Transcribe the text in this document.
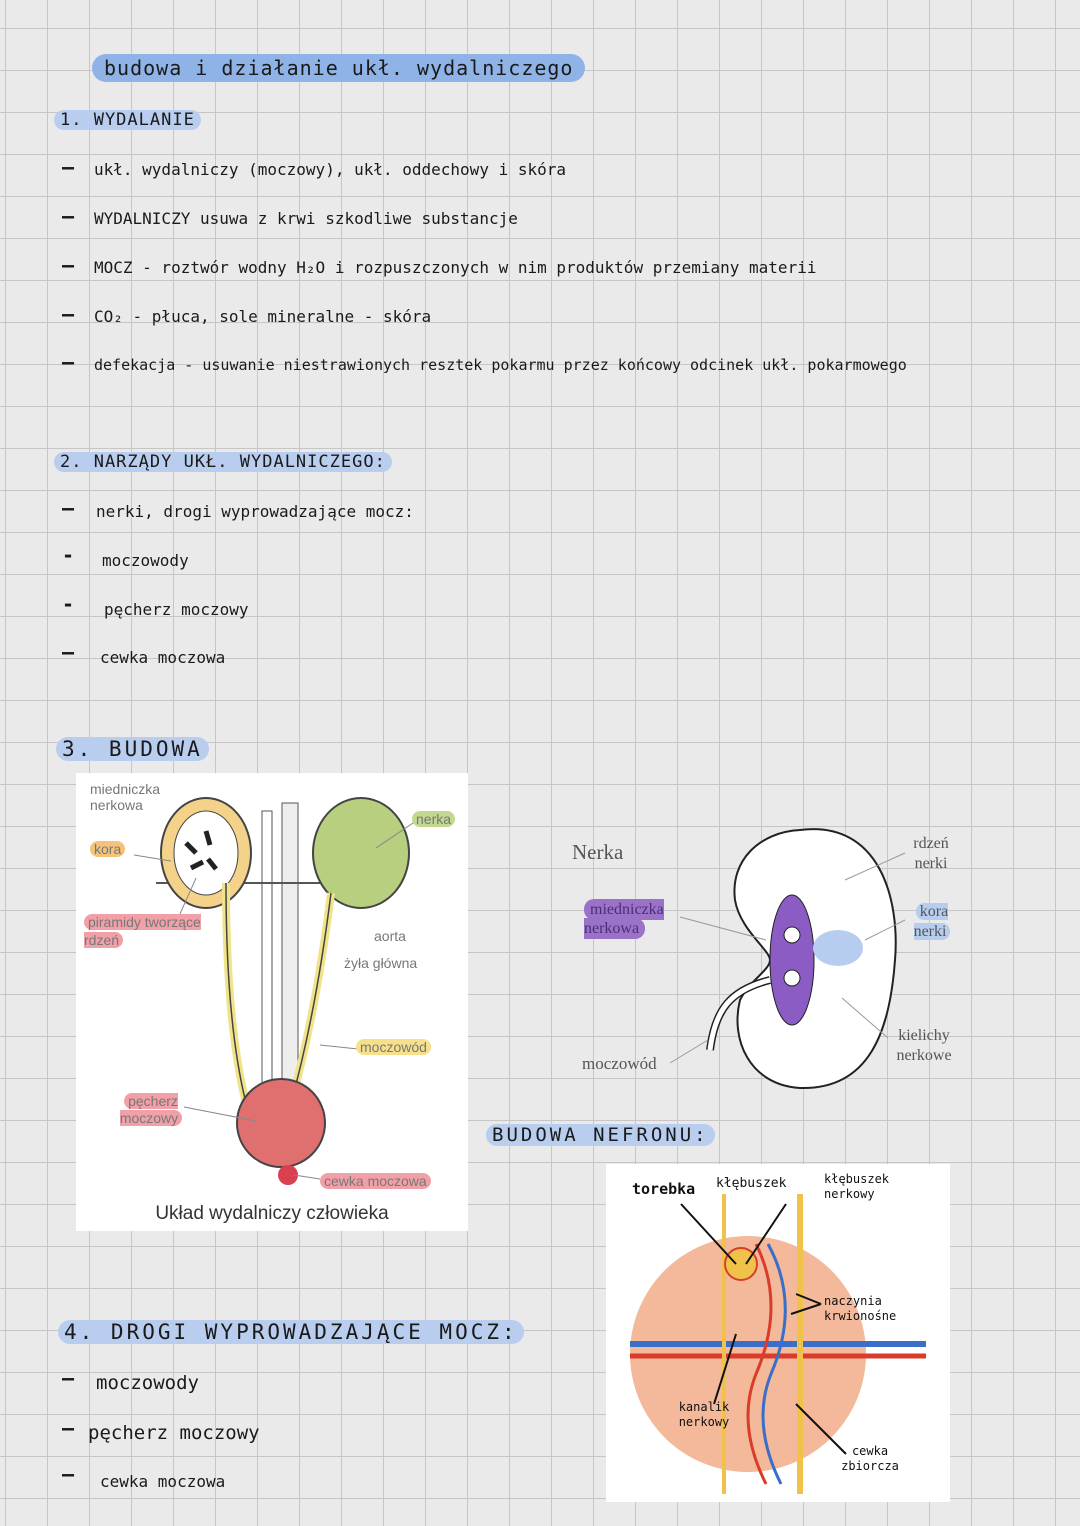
budowa i działanie ukł. wydalniczego
1. WYDALANIE
– ukł. wydalniczy (moczowy), ukł. oddechowy i skóra
– WYDALNICZY usuwa z krwi szkodliwe substancje
– MOCZ - roztwór wodny H₂O i rozpuszczonych w nim produktów przemiany materii
– CO₂ - płuca, sole mineralne - skóra
– defekacja - usuwanie niestrawionych resztek pokarmu przez końcowy odcinek ukł. pokarmowego
2. NARZĄDY UKŁ. WYDALNICZEGO:
– nerki, drogi wyprowadzające mocz:
- moczowody
- pęcherz moczowy
– cewka moczowa
3. BUDOWA
miedniczka nerkowa
kora
piramidy tworzące rdzeń
nerka
aorta
żyła główna
moczowód
pęcherz moczowy
cewka moczowa
Układ wydalniczy człowieka
Nerka
miedniczka nerkowa
moczowód
rdzeń nerki
kora nerki
kielichy nerkowe
BUDOWA NEFRONU:
torebka kłębuszek	kłębuszek nerkowy
naczynia krwionośne
kanalik nerkowy
cewka zbiorcza
4. DROGI WYPROWADZAJĄCE MOCZ:
– moczowody
– pęcherz moczowy
– cewka moczowa
